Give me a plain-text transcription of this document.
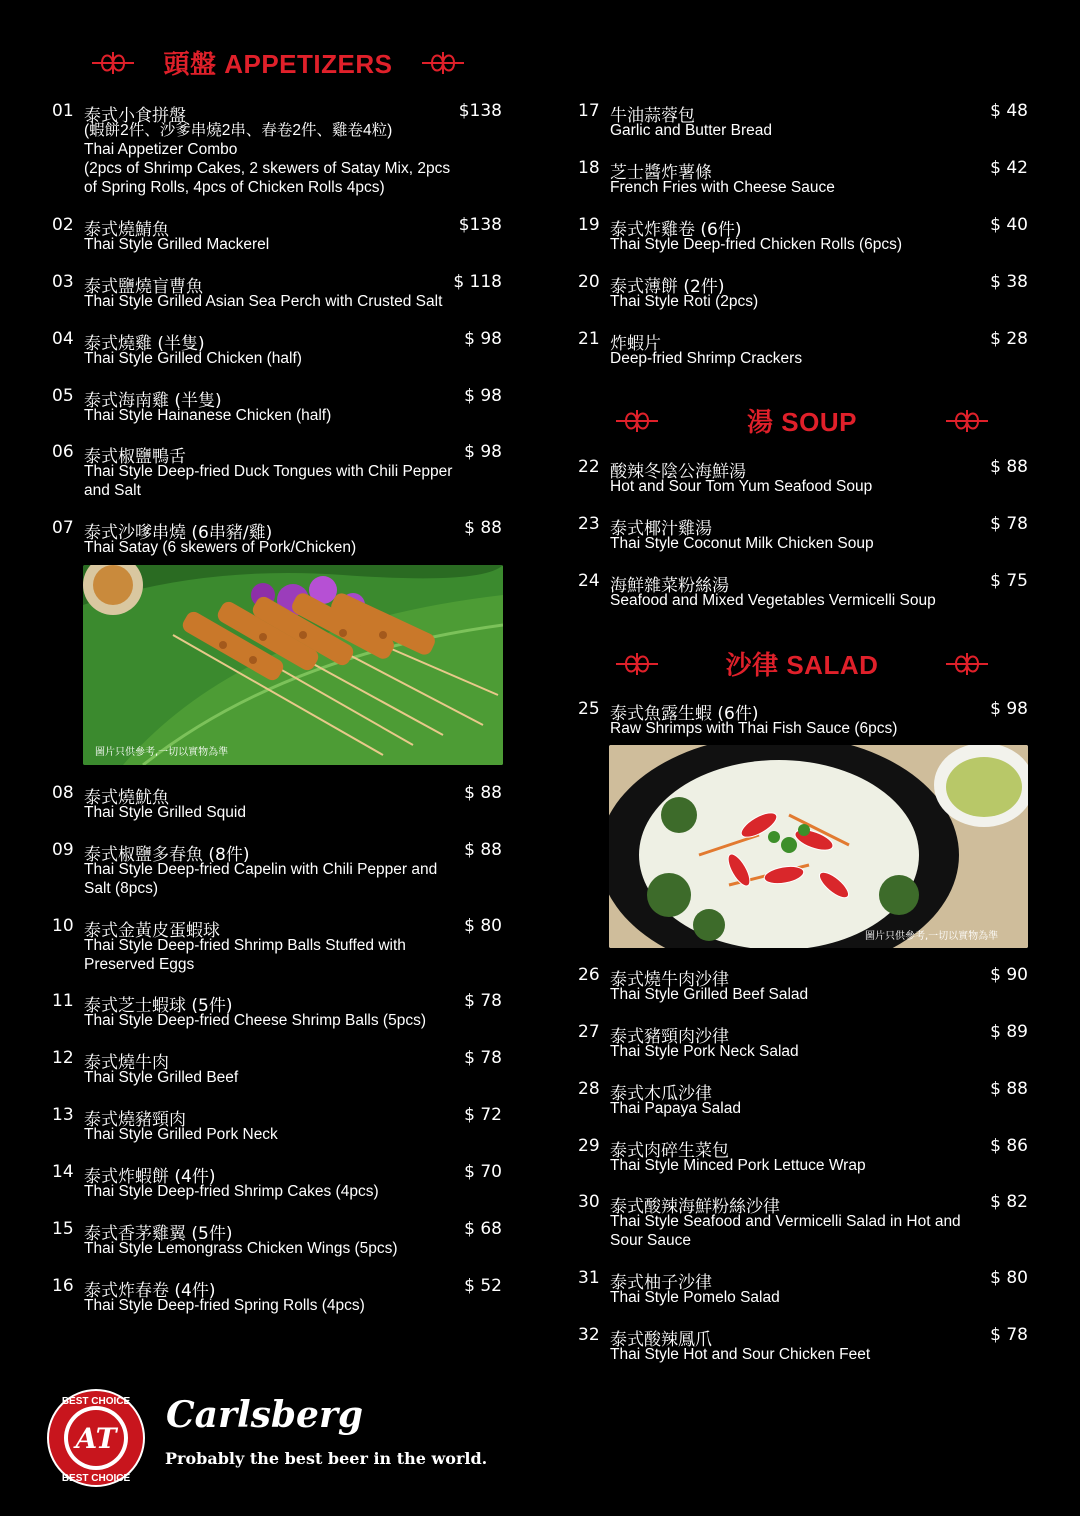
頭盤 APPETIZERS
湯 SOUP
沙律 SALAD
01 泰式小食拼盤
(蝦餅2件、沙爹串燒2串、春卷2件、雞卷4粒)
Thai Appetizer Combo
(2pcs of Shrimp Cakes, 2 skewers of Satay Mix, 2pcs of Spring Rolls, 4pcs of Chicken Rolls 4pcs)
$138
02 泰式燒鯖魚
Thai Style Grilled Mackerel
$138
03 泰式鹽燒盲曹魚
Thai Style Grilled Asian Sea Perch with Crusted Salt
$ 118
04 泰式燒雞 (半隻)
Thai Style Grilled Chicken (half)
$ 98
05 泰式海南雞 (半隻)
Thai Style Hainanese Chicken (half)
$ 98
06 泰式椒鹽鴨舌
Thai Style Deep-fried Duck Tongues with Chili Pepper and Salt
$ 98
07 泰式沙嗲串燒 (6串豬/雞)
Thai Satay (6 skewers of Pork/Chicken)
$ 88
08 泰式燒魷魚
Thai Style Grilled Squid
$ 88
09 泰式椒鹽多春魚 (8件)
Thai Style Deep-fried Capelin with Chili Pepper and Salt (8pcs)
$ 88
10 泰式金黃皮蛋蝦球
Thai Style Deep-fried Shrimp Balls Stuffed with Preserved Eggs
$ 80
11 泰式芝士蝦球 (5件)
Thai Style Deep-fried Cheese Shrimp Balls (5pcs)
$ 78
12 泰式燒牛肉
Thai Style Grilled Beef
$ 78
13 泰式燒豬頸肉
Thai Style Grilled Pork Neck
$ 72
14 泰式炸蝦餅 (4件)
Thai Style Deep-fried Shrimp Cakes (4pcs)
$ 70
15 泰式香茅雞翼 (5件)
Thai Style Lemongrass Chicken Wings (5pcs)
$ 68
16 泰式炸春卷 (4件)
Thai Style Deep-fried Spring Rolls (4pcs)
$ 52
17 牛油蒜蓉包
Garlic and Butter Bread
$ 48
18 芝士醬炸薯條
French Fries with Cheese Sauce
$ 42
19 泰式炸雞卷 (6件)
Thai Style Deep-fried Chicken Rolls (6pcs)
$ 40
20 泰式薄餅 (2件)
Thai Style Roti (2pcs)
$ 38
21 炸蝦片
Deep-fried Shrimp Crackers
$ 28
22 酸辣冬陰公海鮮湯
Hot and Sour Tom Yum Seafood Soup
$ 88
23 泰式椰汁雞湯
Thai Style Coconut Milk Chicken Soup
$ 78
24 海鮮雜菜粉絲湯
Seafood and Mixed Vegetables Vermicelli Soup
$ 75
25 泰式魚露生蝦 (6件)
Raw Shrimps with Thai Fish Sauce (6pcs)
$ 98
26 泰式燒牛肉沙律
Thai Style Grilled Beef Salad
$ 90
27 泰式豬頸肉沙律
Thai Style Pork Neck Salad
$ 89
28 泰式木瓜沙律
Thai Papaya Salad
$ 88
29 泰式肉碎生菜包
Thai Style Minced Pork Lettuce Wrap
$ 86
30 泰式酸辣海鮮粉絲沙律
Thai Style Seafood and Vermicelli Salad in Hot and Sour Sauce
$ 82
31 泰式柚子沙律
Thai Style Pomelo Salad
$ 80
32 泰式酸辣鳳爪
Thai Style Hot and Sour Chicken Feet
$ 78
圖片只供參考,一切以實物為準
圖片只供參考,一切以實物為準
AT
BEST CHOICE
BEST CHOICE
Carlsberg
Probably the best beer in the world.
